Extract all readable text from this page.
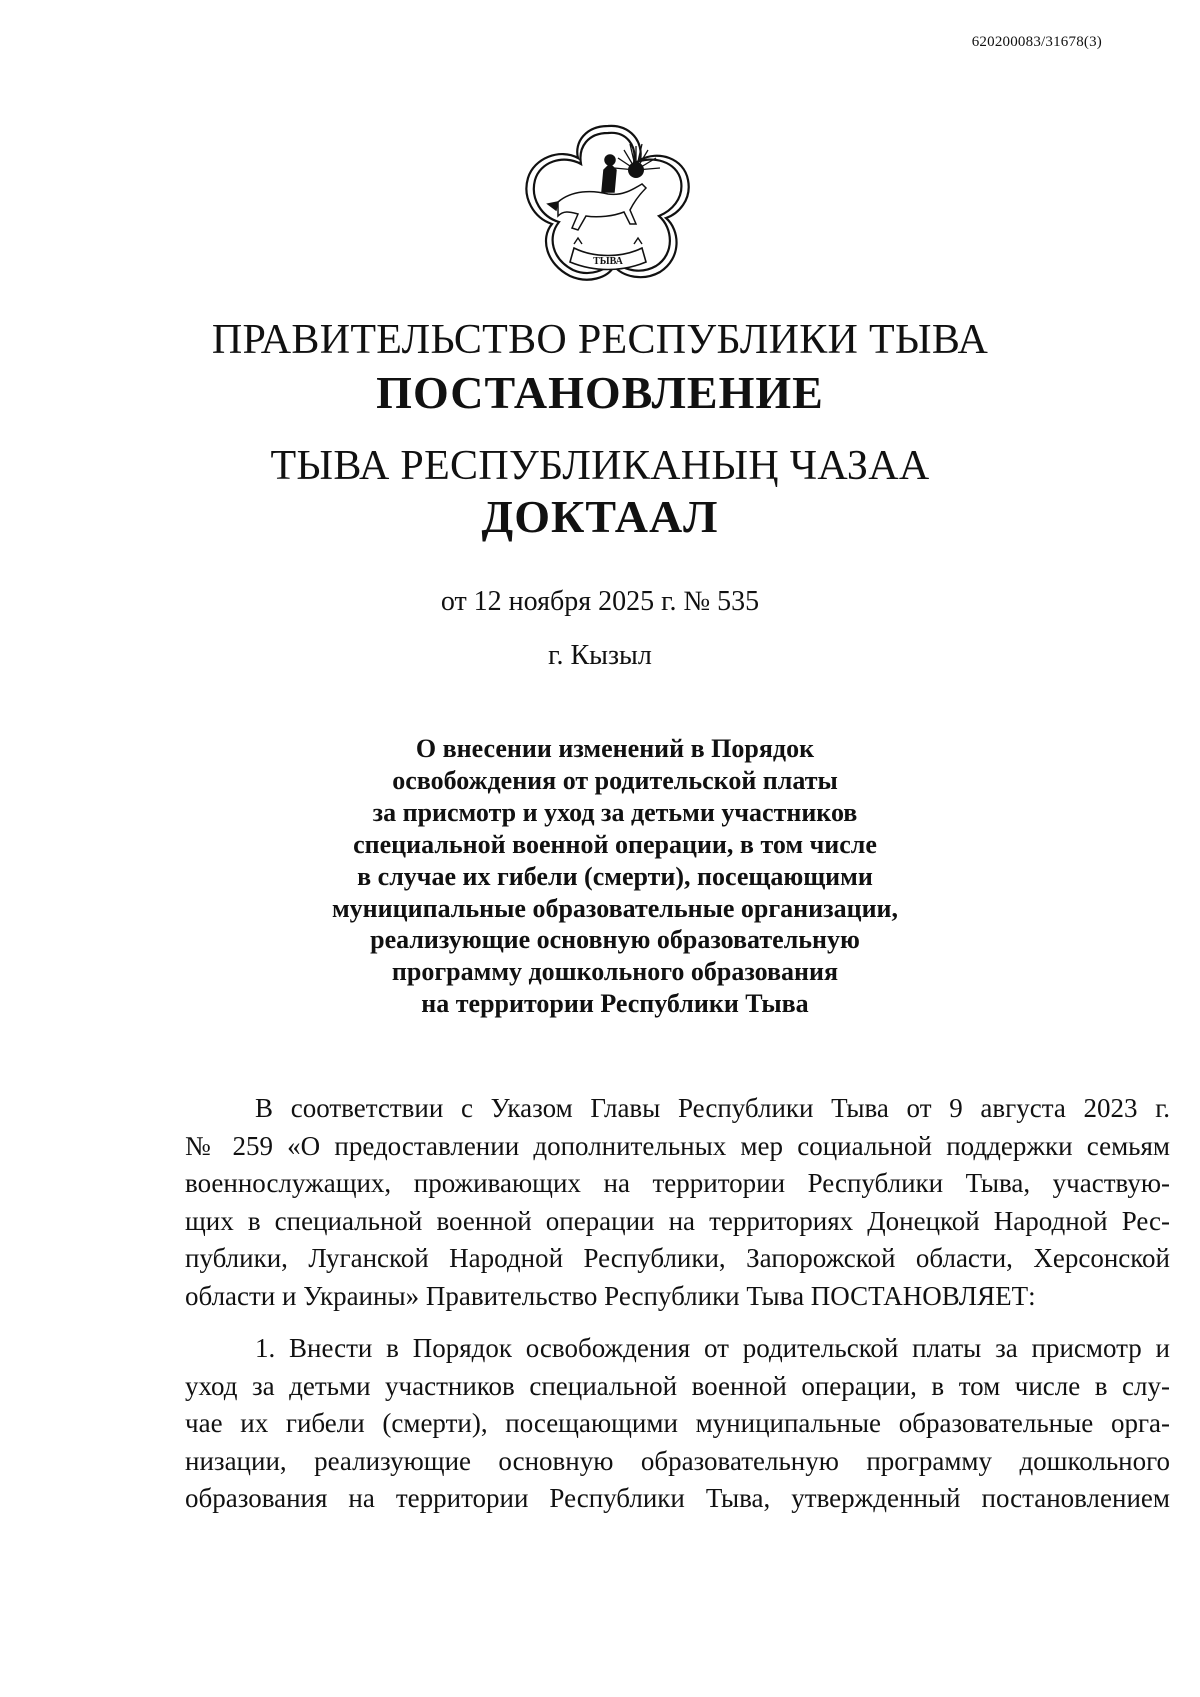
620200083/31678(3)
ТЫВА
ПРАВИТЕЛЬСТВО РЕСПУБЛИКИ ТЫВА
ПОСТАНОВЛЕНИЕ
ТЫВА РЕСПУБЛИКАНЫҢ ЧАЗАА
ДОКТААЛ
от 12 ноября 2025 г. № 535
г. Кызыл
О внесении изменений в Порядок
освобождения от родительской платы
за присмотр и уход за детьми участников
специальной военной операции, в том числе
в случае их гибели (смерти), посещающими
муниципальные образовательные организации,
реализующие основную образовательную
программу дошкольного образования
на территории Республики Тыва
В соответствии с Указом Главы Республики Тыва от 9 августа 2023 г.
№ 259 «О предоставлении дополнительных мер социальной поддержки семьям
военнослужащих, проживающих на территории Республики Тыва, участвую-
щих в специальной военной операции на территориях Донецкой Народной Рес-
публики, Луганской Народной Республики, Запорожской области, Херсонской
области и Украины» Правительство Республики Тыва ПОСТАНОВЛЯЕТ:
1. Внести в Порядок освобождения от родительской платы за присмотр и
уход за детьми участников специальной военной операции, в том числе в слу-
чае их гибели (смерти), посещающими муниципальные образовательные орга-
низации, реализующие основную образовательную программу дошкольного
образования на территории Республики Тыва, утвержденный постановлением
